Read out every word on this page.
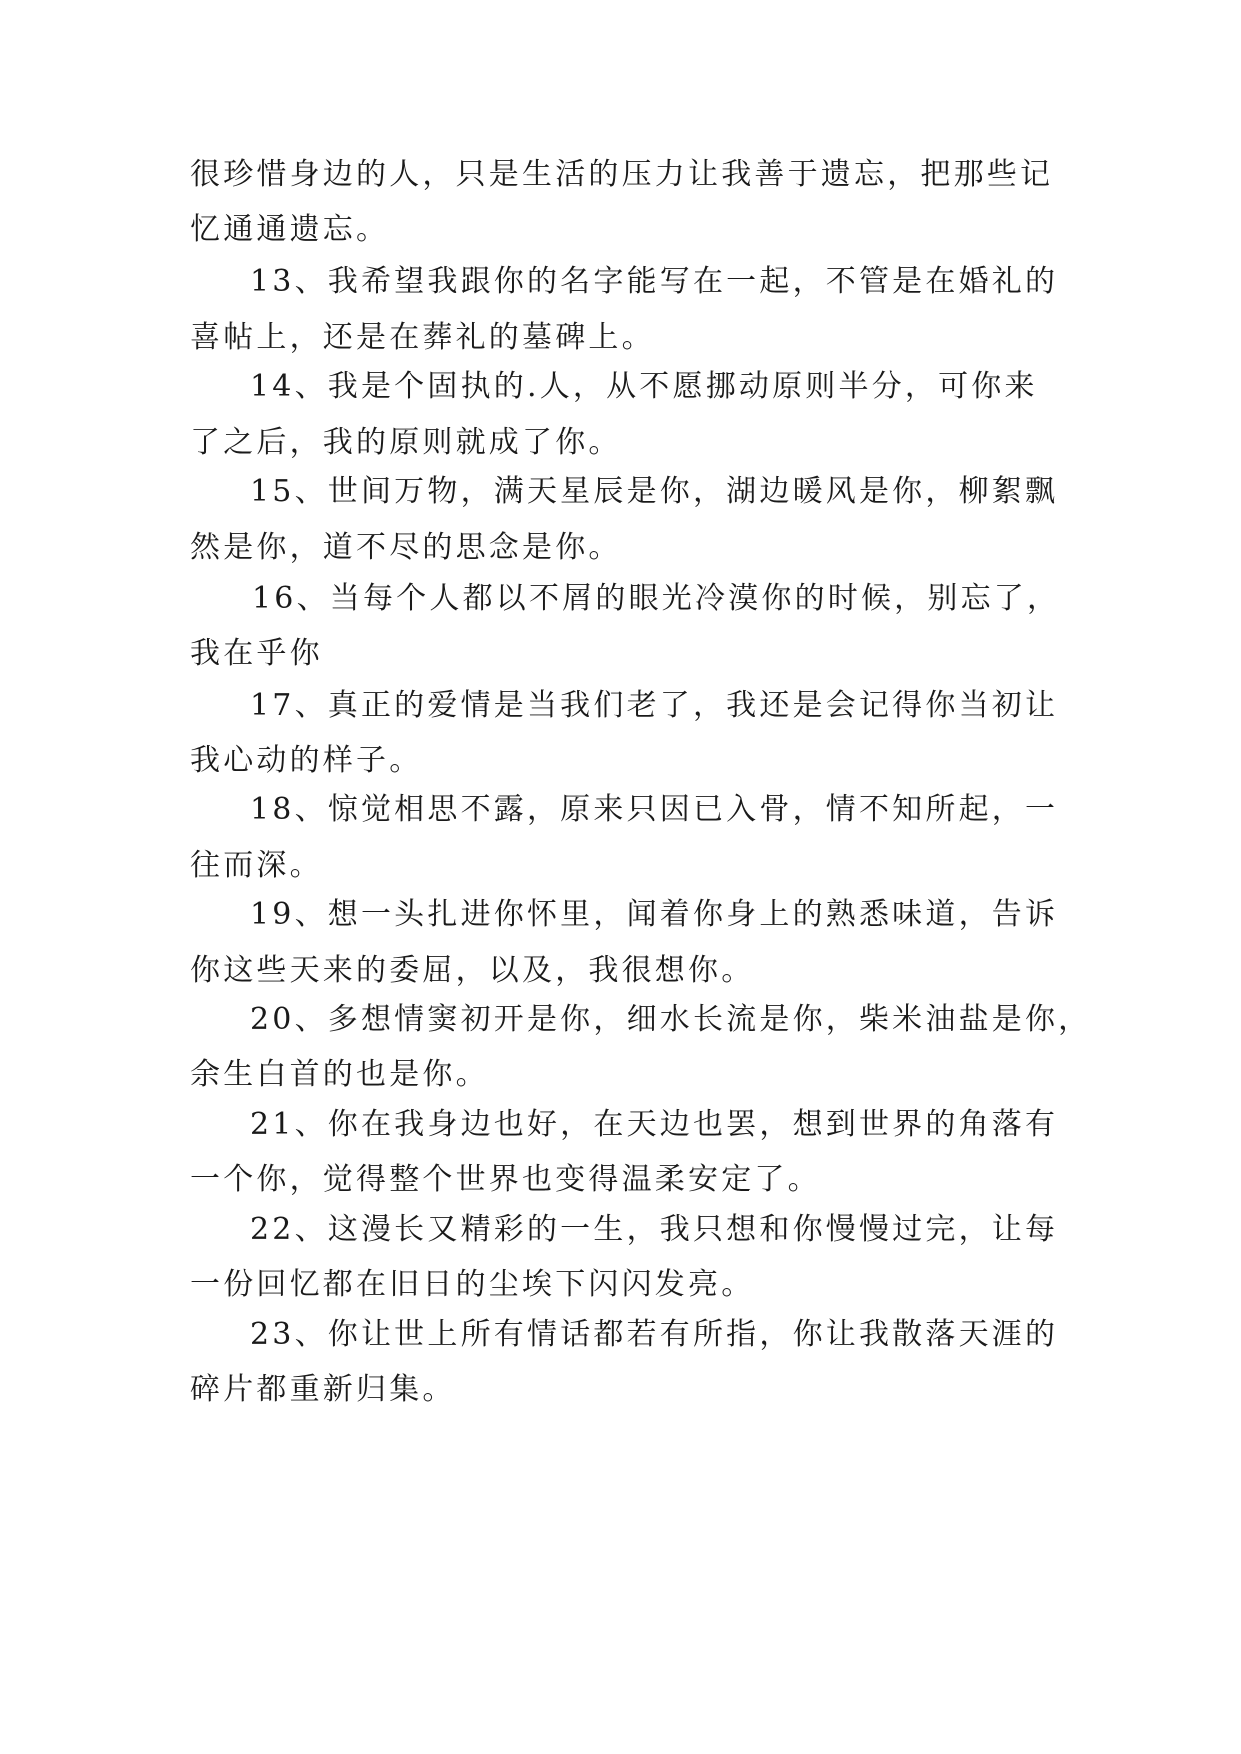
很珍惜身边的人，只是生活的压力让我善于遗忘，把那些记
忆通通遗忘。
13、我希望我跟你的名字能写在一起，不管是在婚礼的
喜帖上，还是在葬礼的墓碑上。
14、我是个固执的.人，从不愿挪动原则半分，可你来
了之后，我的原则就成了你。
15、世间万物，满天星辰是你，湖边暖风是你，柳絮飘
然是你，道不尽的思念是你。
16、当每个人都以不屑的眼光冷漠你的时候，别忘了，
我在乎你
17、真正的爱情是当我们老了，我还是会记得你当初让
我心动的样子。
18、惊觉相思不露，原来只因已入骨，情不知所起，一
往而深。
19、想一头扎进你怀里，闻着你身上的熟悉味道，告诉
你这些天来的委屈，以及，我很想你。
20、多想情窦初开是你，细水长流是你，柴米油盐是你，
余生白首的也是你。
21、你在我身边也好，在天边也罢，想到世界的角落有
一个你，觉得整个世界也变得温柔安定了。
22、这漫长又精彩的一生，我只想和你慢慢过完，让每
一份回忆都在旧日的尘埃下闪闪发亮。
23、你让世上所有情话都若有所指，你让我散落天涯的
碎片都重新归集。
